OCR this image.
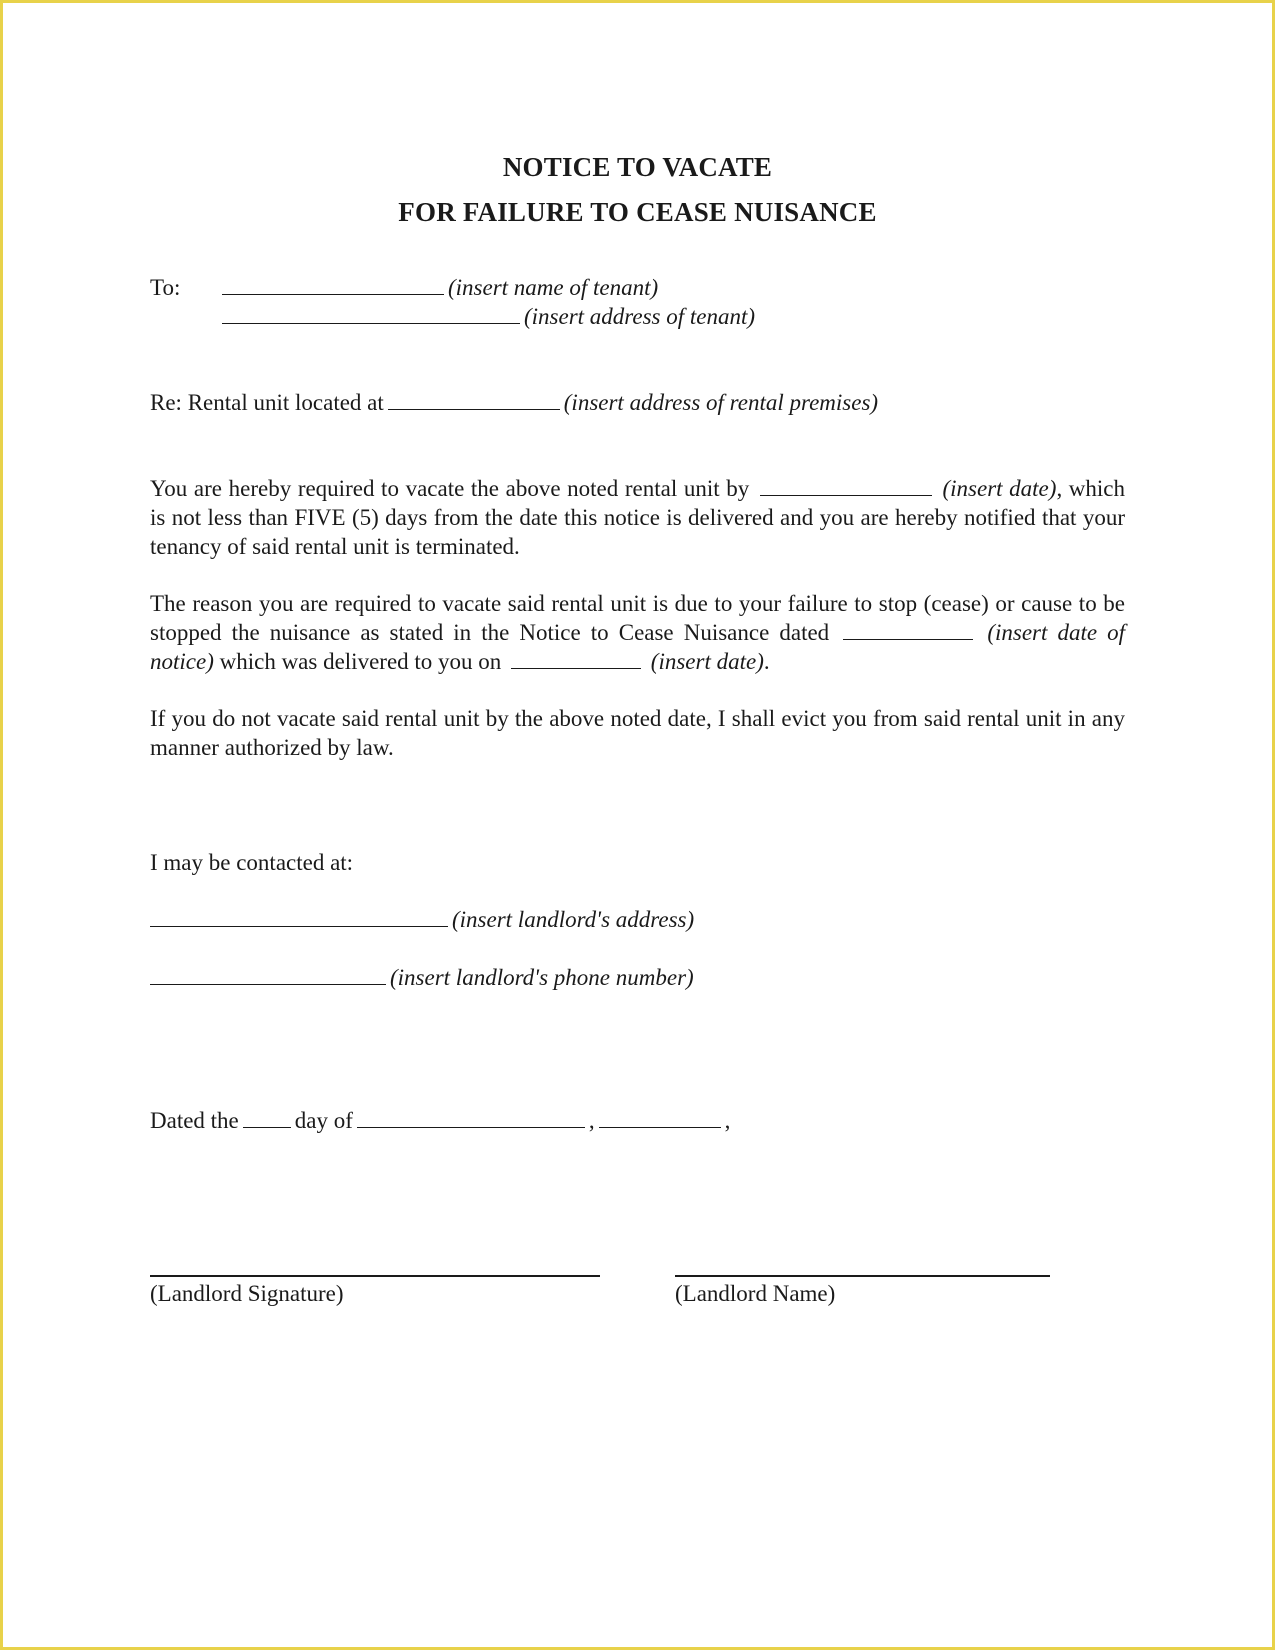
NOTICE TO VACATE
FOR FAILURE TO CEASE NUISANCE
To:	(insert name of tenant)
(insert address of tenant)
Re: Rental unit located at	(insert address of rental premises)
You are hereby required to vacate the above noted rental unit by	(insert date), which is not less than FIVE (5) days from the date this notice is delivered and you are hereby notified that your tenancy of said rental unit is terminated.
The reason you are required to vacate said rental unit is due to your failure to stop (cease) or cause to be stopped the nuisance as stated in the Notice to Cease Nuisance dated	(insert date of notice) which was delivered to you on	(insert date).
If you do not vacate said rental unit by the above noted date, I shall evict you from said rental unit in any manner authorized by law.
I may be contacted at:
(insert landlord's address)
(insert landlord's phone number)
Dated the day of	,	,
(Landlord Signature)	(Landlord Name)
